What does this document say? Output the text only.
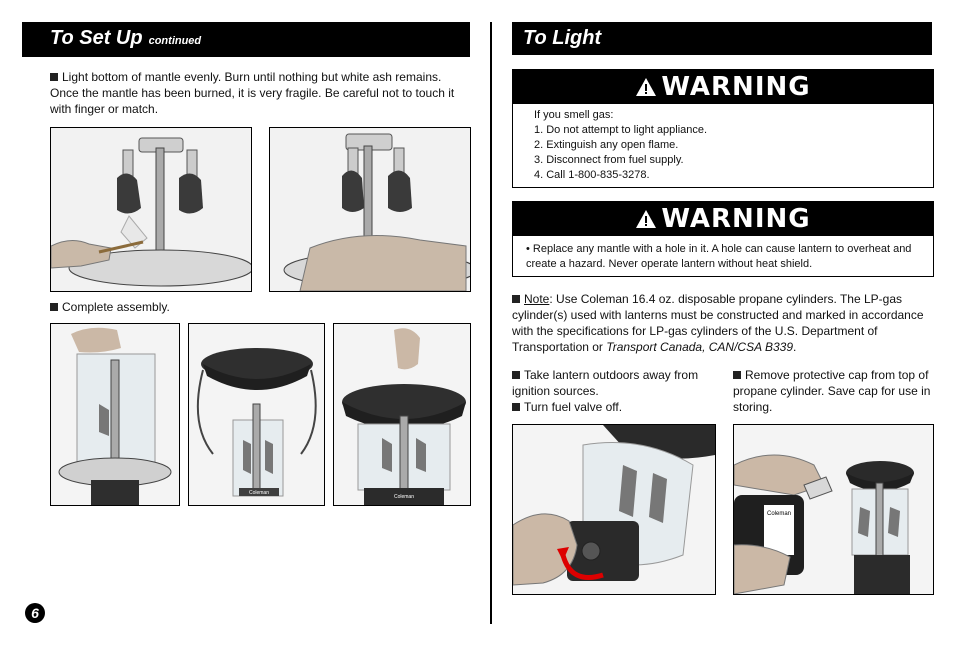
To Set Up continued
Light bottom of mantle evenly. Burn until nothing but white ash remains. Once the mantle has been burned, it is very fragile. Be careful not to touch it with finger or match.
Complete assembly.
Coleman
Coleman
6
To Light
WARNING
If you smell gas:
1. Do not attempt to light appliance.
2. Extinguish any open flame.
3. Disconnect from fuel supply.
4. Call 1-800-835-3278.
WARNING
• Replace any mantle with a hole in it. A hole can cause lantern to overheat and create a hazard. Never operate lantern without heat shield.
Note: Use Coleman 16.4 oz. disposable propane cylinders. The LP-gas cylinder(s) used with lanterns must be constructed and marked in accordance with the specifications for LP-gas cylinders of the U.S. Department of Transportation or Transport Canada, CAN/CSA B339.
Take lantern outdoors away from ignition sources.
Turn fuel valve off.
Remove protective cap from top of propane cylinder. Save cap for use in storing.
Coleman
